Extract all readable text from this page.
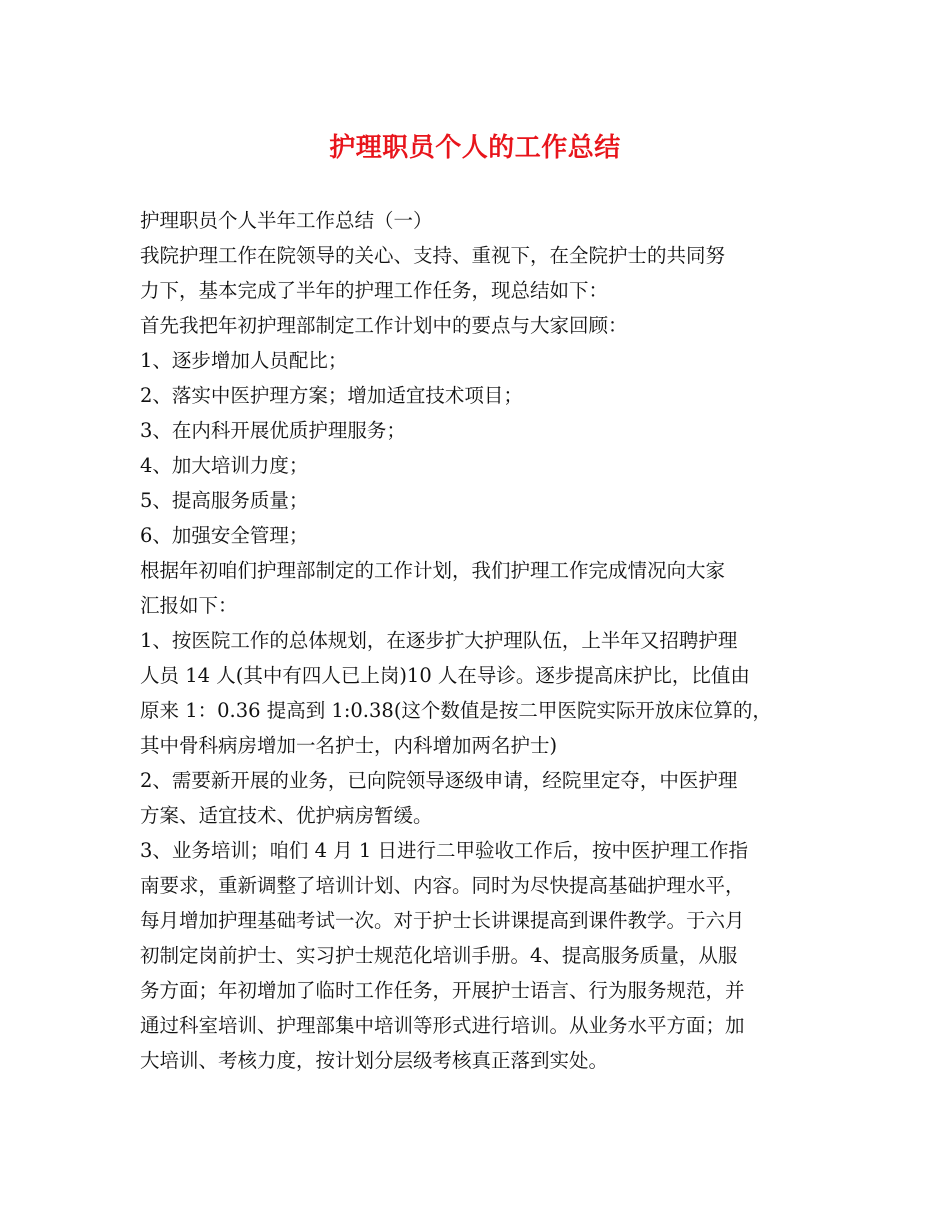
护理职员个人的工作总结
护理职员个人半年工作总结（一）
我院护理工作在院领导的关心、支持、重视下，在全院护士的共同努
力下，基本完成了半年的护理工作任务，现总结如下：
首先我把年初护理部制定工作计划中的要点与大家回顾：
1、逐步增加人员配比；
2、落实中医护理方案；增加适宜技术项目；
3、在内科开展优质护理服务；
4、加大培训力度；
5、提高服务质量；
6、加强安全管理；
根据年初咱们护理部制定的工作计划，我们护理工作完成情况向大家
汇报如下：
1、按医院工作的总体规划，在逐步扩大护理队伍，上半年又招聘护理
人员 14 人(其中有四人已上岗)10 人在导诊。逐步提高床护比，比值由
原来 1：0.36 提高到 1:0.38(这个数值是按二甲医院实际开放床位算的，
其中骨科病房增加一名护士，内科增加两名护士)
2、需要新开展的业务，已向院领导逐级申请，经院里定夺，中医护理
方案、适宜技术、优护病房暂缓。
3、业务培训；咱们 4 月 1 日进行二甲验收工作后，按中医护理工作指
南要求，重新调整了培训计划、内容。同时为尽快提高基础护理水平，
每月增加护理基础考试一次。对于护士长讲课提高到课件教学。于六月
初制定岗前护士、实习护士规范化培训手册。4、提高服务质量，从服
务方面；年初增加了临时工作任务，开展护士语言、行为服务规范，并
通过科室培训、护理部集中培训等形式进行培训。从业务水平方面；加
大培训、考核力度，按计划分层级考核真正落到实处。
